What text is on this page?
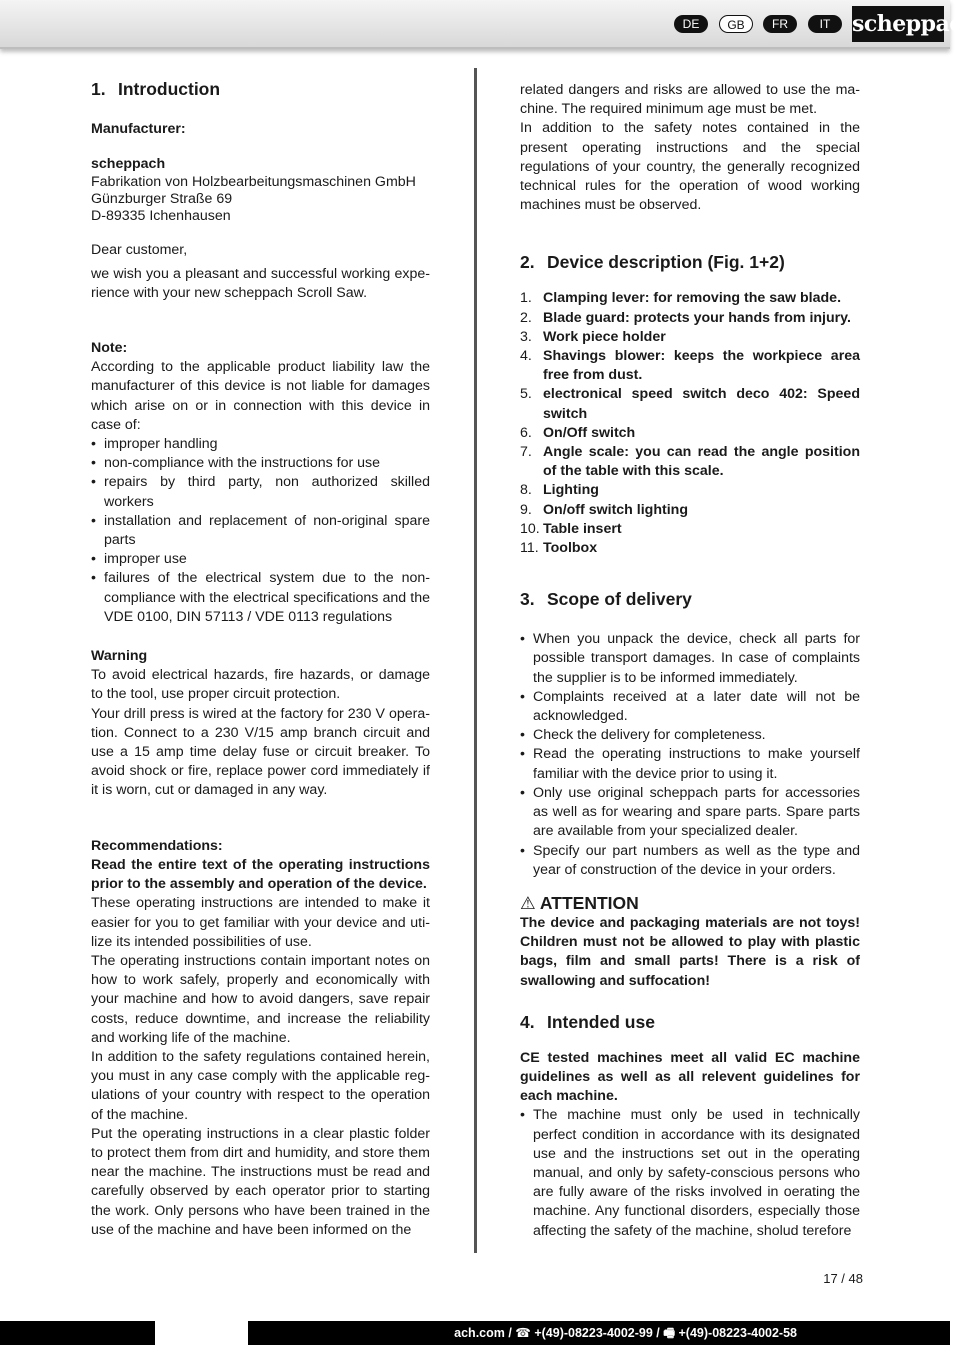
DE	GB	FR	IT scheppach
1. Introduction

Manufacturer:

scheppach

Fabrikation von Holzbearbeitungsmaschinen GmbH

Günzburger Straße 69

D-89335 Ichenhausen

Dear customer,

we wish you a pleasant and successful working expe-rience with your new scheppach Scroll Saw.

Note:

According to the applicable product liability law the manufacturer of this device is not liable for damages which arise on or in connection with this device in case of:

• improper handling
• non-compliance with the instructions for use
• repairs by third party, non authorized skilled workers
• installation and replacement of non-original spare parts
• improper use
• failures of the electrical system due to the non-compliance with the electrical specifications and the VDE 0100, DIN 57113 / VDE 0113 regulations

Warning

To avoid electrical hazards, fire hazards, or damage to the tool, use proper circuit protection.

Your drill press is wired at the factory for 230 V opera-tion. Connect to a 230 V/15 amp branch circuit and use a 15 amp time delay fuse or circuit breaker. To avoid shock or fire, replace power cord immediately if it is worn, cut or damaged in any way.

Recommendations:

Read the entire text of the operating instructions prior to the assembly and operation of the device.

These operating instructions are intended to make it easier for you to get familiar with your device and uti-lize its intended possibilities of use.

The operating instructions contain important notes on how to work safely, properly and economically with your machine and how to avoid dangers, save repair costs, reduce downtime, and increase the reliability and working life of the machine.

In addition to the safety regulations contained herein, you must in any case comply with the applicable reg-ulations of your country with respect to the operation of the machine.

Put the operating instructions in a clear plastic folder to protect them from dirt and humidity, and store them near the machine. The instructions must be read and carefully observed by each operator prior to starting the work. Only persons who have been trained in the use of the machine and have been informed on the

related dangers and risks are allowed to use the ma-chine. The required minimum age must be met.

In addition to the safety notes contained in the present operating instructions and the special regulations of your country, the generally recognized technical rules for the operation of wood working machines must be observed.

2. Device description (Fig. 1+2)
1. Clamping lever: for removing the saw blade.
2. Blade guard: protects your hands from injury.
3. Work piece holder
4. Shavings blower: keeps the workpiece area free from dust.
5. electronical speed switch deco 402: Speed switch
6. On/Off switch
7. Angle scale: you can read the angle position of the table with this scale.
8. Lighting
9. On/off switch lighting
10. Table insert
11. Toolbox
3. Scope of delivery
• When you unpack the device, check all parts for possible transport damages. In case of complaints the supplier is to be informed immediately.
• Complaints received at a later date will not be acknowledged.
• Check the delivery for completeness.
• Read the operating instructions to make yourself familiar with the device prior to using it.
• Only use original scheppach parts for accessories as well as for wearing and spare parts. Spare parts are available from your specialized dealer.
• Specify our part numbers as well as the type and year of construction of the device in your orders.
⚠ ATTENTION

The device and packaging materials are not toys! Children must not be allowed to play with plastic bags, film and small parts! There is a risk of swallowing and suffocation!

4. Intended use

CE tested machines meet all valid EC machine guidelines as well as all relevent guidelines for each machine.

• The machine must only be used in technically perfect condition in accordance with its designated use and the instructions set out in the operating manual, and only by safety-conscious persons who are fully aware of the risks involved in oerating the machine. Any functional disorders, especially those affecting the safety of the machine, sholud terefore
17 / 48
ach.com / ☎ +(49)-08223-4002-99 / 🖷 +(49)-08223-4002-58
